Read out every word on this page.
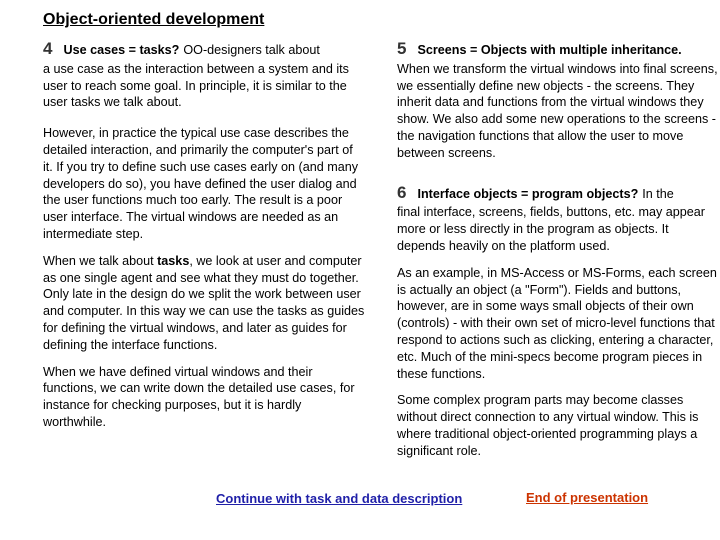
Object-oriented development
4 Use cases = tasks? OO-designers talk about
a use case as the interaction between a system and its user to reach some goal. In principle, it is similar to the user tasks we talk about.
However, in practice the typical use case describes the detailed interaction, and primarily the computer's part of it. If you try to define such use cases early on (and many developers do so), you have defined the user dialog and the user functions much too early. The result is a poor user interface. The virtual windows are needed as an intermediate step.
When we talk about tasks, we look at user and computer as one single agent and see what they must do together. Only late in the design do we split the work between user and computer. In this way we can use the tasks as guides for defining the virtual windows, and later as guides for defining the interface functions.
When we have defined virtual windows and their functions, we can write down the detailed use cases, for instance for checking purposes, but it is hardly worthwhile.
5 Screens = Objects with multiple inheritance.
When we transform the virtual windows into final screens, we essentially define new objects - the screens. They inherit data and functions from the virtual windows they show. We also add some new operations to the screens - the navigation functions that allow the user to move between screens.
6 Interface objects = program objects? In the
final interface, screens, fields, buttons, etc. may appear more or less directly in the program as objects. It depends heavily on the platform used.
As an example, in MS-Access or MS-Forms, each screen is actually an object (a "Form"). Fields and buttons, however, are in some ways small objects of their own (controls) - with their own set of micro-level functions that respond to actions such as clicking, entering a character, etc. Much of the mini-specs become program pieces in these functions.
Some complex program parts may become classes without direct connection to any virtual window. This is where traditional object-oriented programming plays a significant role.
Continue with task and data description	End of presentation
